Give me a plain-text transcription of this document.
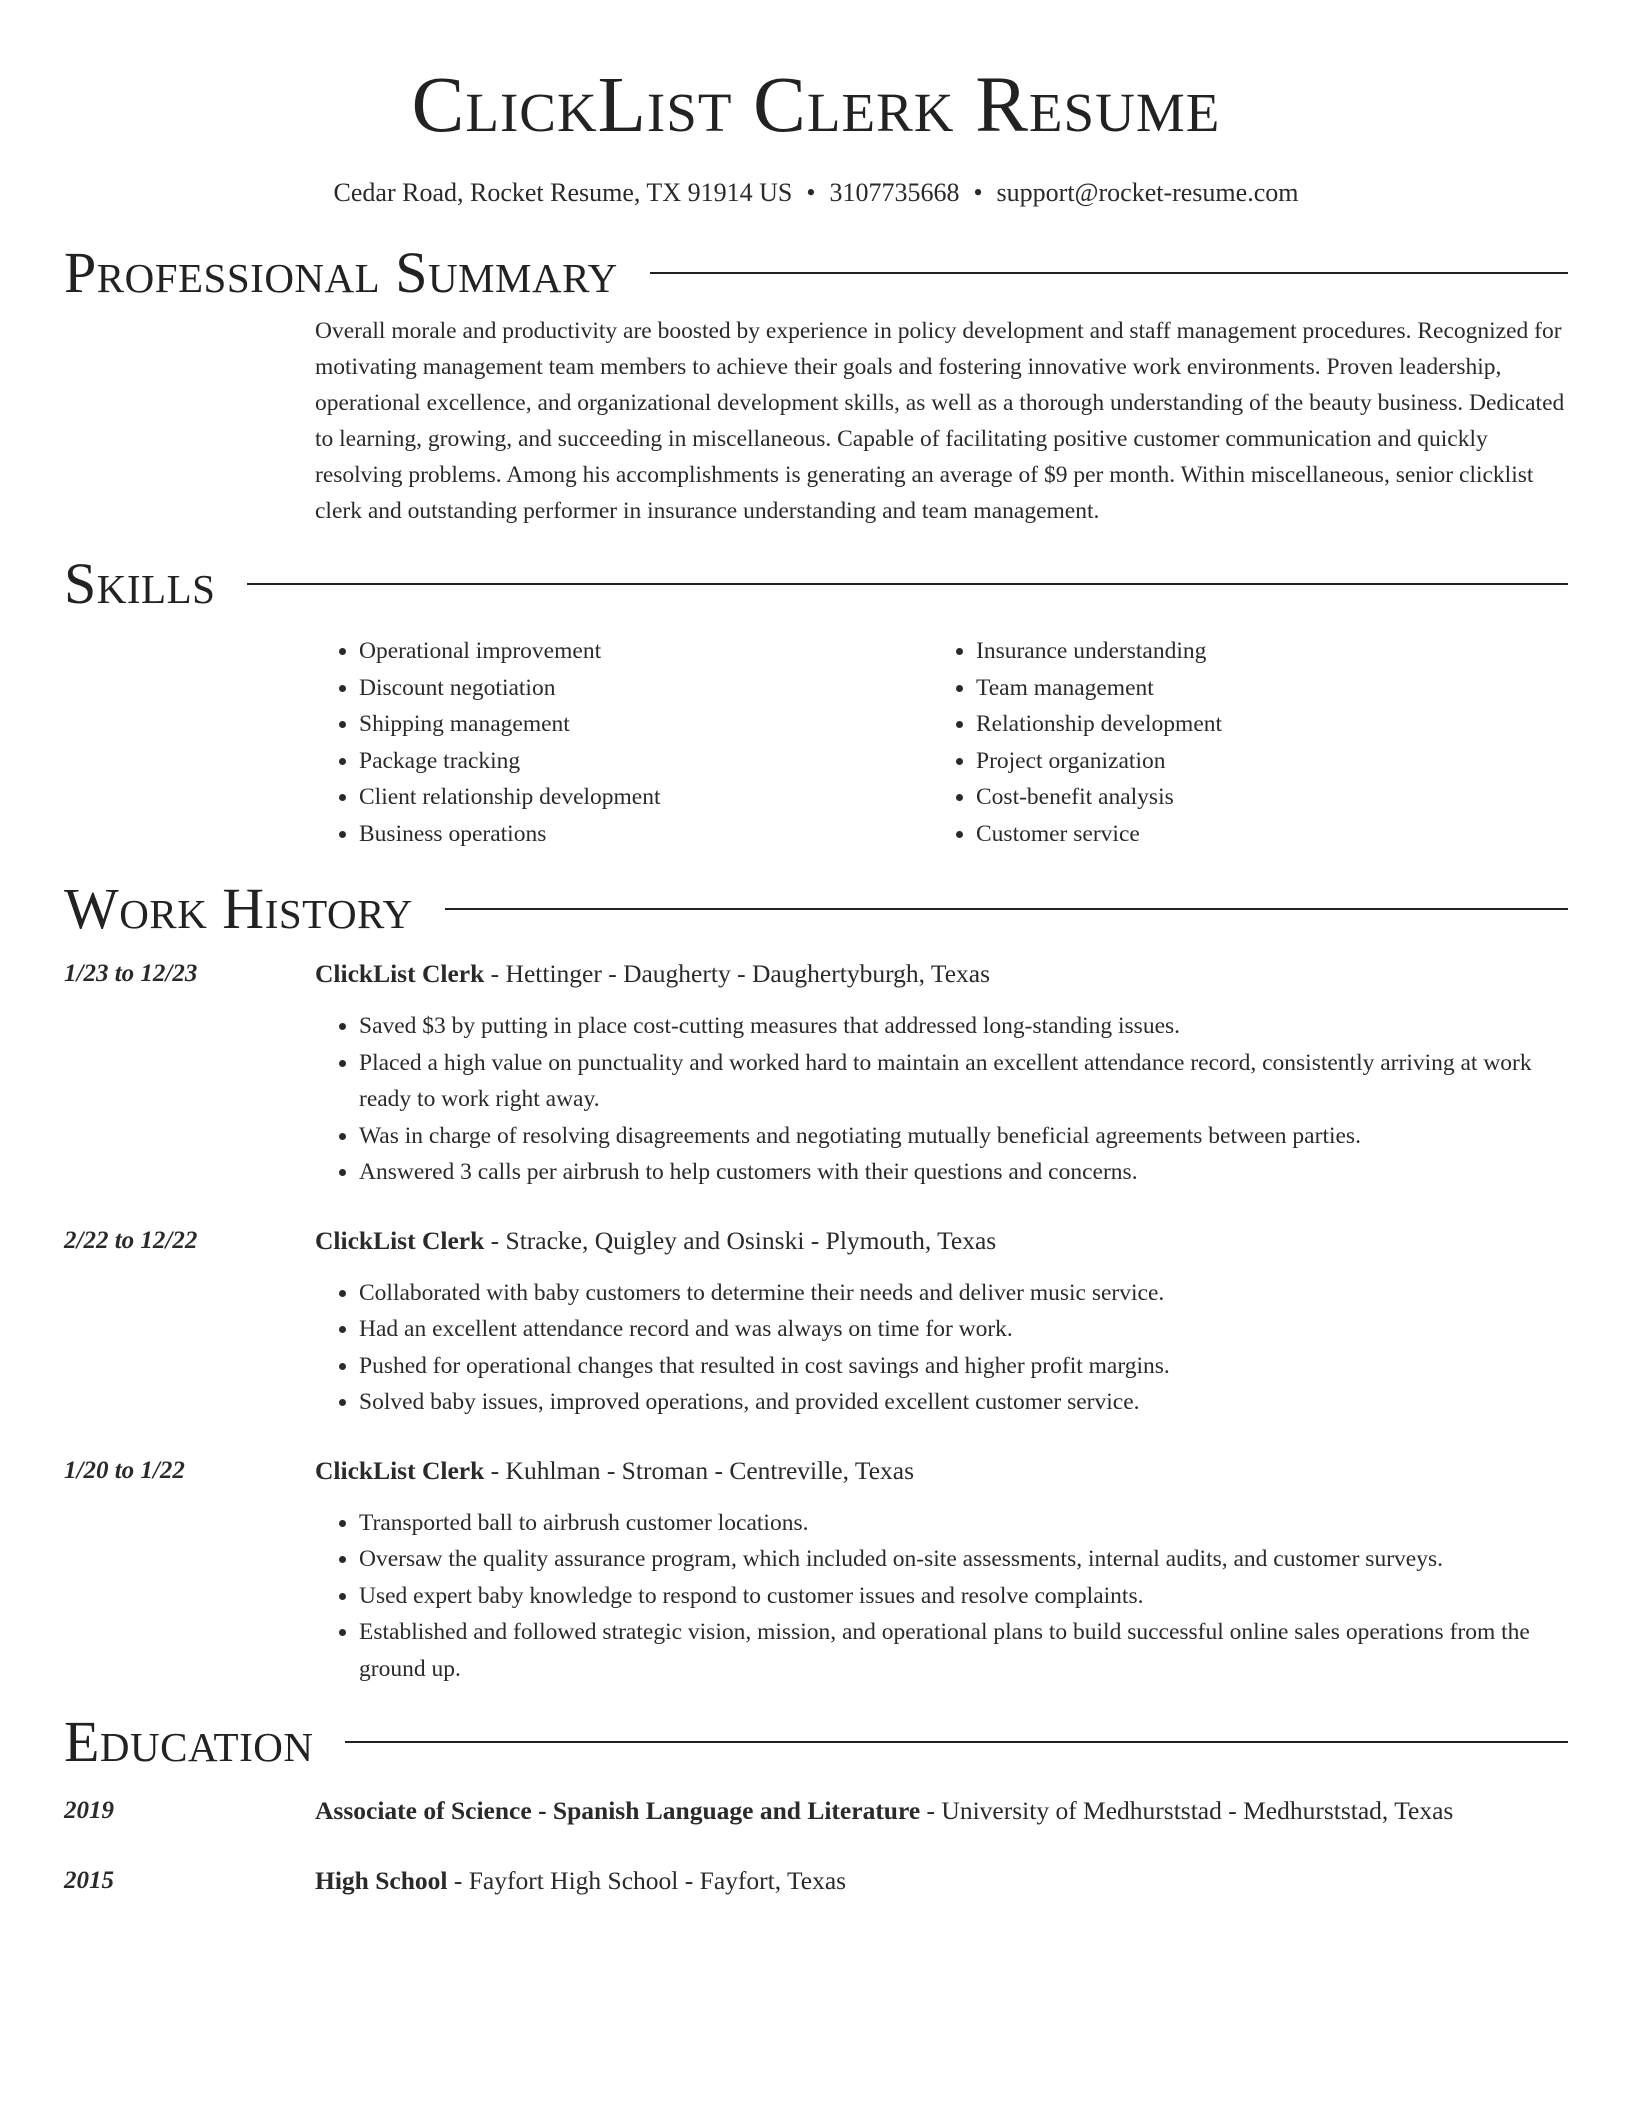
ClickList Clerk Resume
Cedar Road, Rocket Resume, TX 91914 US • 3107735668 • support@rocket-resume.com
Professional Summary

Overall morale and productivity are boosted by experience in policy development and staff management procedures. Recognized for motivating management team members to achieve their goals and fostering innovative work environments. Proven leadership, operational excellence, and organizational development skills, as well as a thorough understanding of the beauty business. Dedicated to learning, growing, and succeeding in miscellaneous. Capable of facilitating positive customer communication and quickly resolving problems. Among his accomplishments is generating an average of $9 per month. Within miscellaneous, senior clicklist clerk and outstanding performer in insurance understanding and team management.

Skills
• Operational improvement
• Discount negotiation
• Shipping management
• Package tracking
• Client relationship development
• Business operations
• Insurance understanding
• Team management
• Relationship development
• Project organization
• Cost-benefit analysis
• Customer service
Work History
1/23 to 12/23	ClickList Clerk - Hettinger - Daugherty - Daughertyburgh, Texas
• Saved $3 by putting in place cost-cutting measures that addressed long-standing issues.
• Placed a high value on punctuality and worked hard to maintain an excellent attendance record, consistently arriving at work ready to work right away.
• Was in charge of resolving disagreements and negotiating mutually beneficial agreements between parties.
• Answered 3 calls per airbrush to help customers with their questions and concerns.
2/22 to 12/22	ClickList Clerk - Stracke, Quigley and Osinski - Plymouth, Texas
• Collaborated with baby customers to determine their needs and deliver music service.
• Had an excellent attendance record and was always on time for work.
• Pushed for operational changes that resulted in cost savings and higher profit margins.
• Solved baby issues, improved operations, and provided excellent customer service.
1/20 to 1/22	ClickList Clerk - Kuhlman - Stroman - Centreville, Texas
• Transported ball to airbrush customer locations.
• Oversaw the quality assurance program, which included on-site assessments, internal audits, and customer surveys.
• Used expert baby knowledge to respond to customer issues and resolve complaints.
• Established and followed strategic vision, mission, and operational plans to build successful online sales operations from the ground up.
Education
2019	Associate of Science - Spanish Language and Literature - University of Medhurststad - Medhurststad, Texas
2015	High School - Fayfort High School - Fayfort, Texas
